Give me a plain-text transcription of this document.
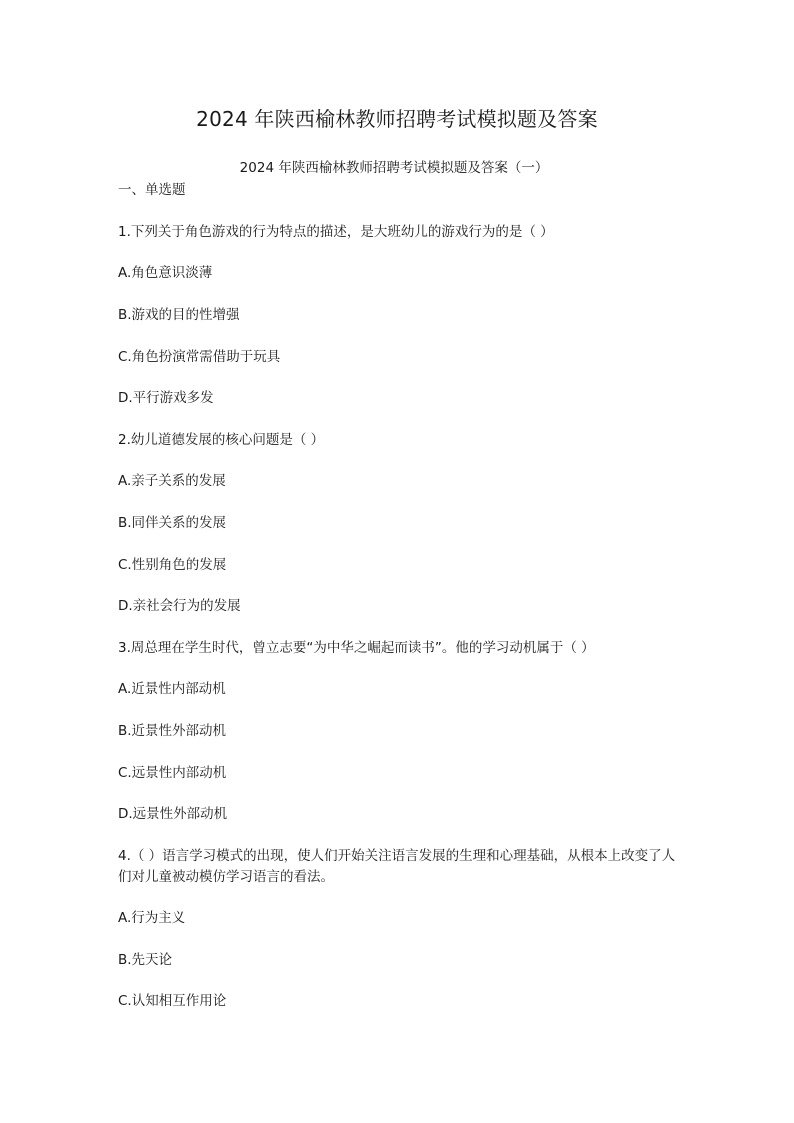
2024 年陕西榆林教师招聘考试模拟题及答案
2024 年陕西榆林教师招聘考试模拟题及答案（一）
一、单选题
1.下列关于角色游戏的行为特点的描述，是大班幼儿的游戏行为的是（ ）
A.角色意识淡薄
B.游戏的目的性增强
C.角色扮演常需借助于玩具
D.平行游戏多发
2.幼儿道德发展的核心问题是（ ）
A.亲子关系的发展
B.同伴关系的发展
C.性别角色的发展
D.亲社会行为的发展
3.周总理在学生时代，曾立志要“为中华之崛起而读书”。他的学习动机属于（ ）
A.近景性内部动机
B.近景性外部动机
C.远景性内部动机
D.远景性外部动机
4.（ ）语言学习模式的出现，使人们开始关注语言发展的生理和心理基础，从根本上改变了人们对儿童被动模仿学习语言的看法。
A.行为主义
B.先天论
C.认知相互作用论
